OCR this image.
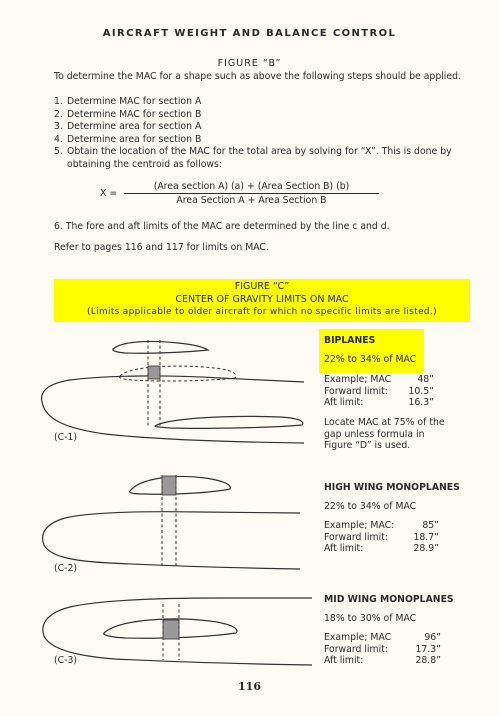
AIRCRAFT WEIGHT AND BALANCE CONTROL
FIGURE “B”
To determine the MAC for a shape such as above the following steps should be applied.
1. Determine MAC for section A
2. Determine MAC for section B
3. Determine area for section A
4. Determine area for section B
5. Obtain the location of the MAC for the total area by solving for “X”. This is done by obtaining the centroid as follows:
X =
(Area section A) (a) + (Area Section B) (b)
Area Section A + Area Section B
6. The fore and aft limits of the MAC are determined by the line c and d.
Refer to pages 116 and 117 for limits on MAC.
FIGURE “C”
CENTER OF GRAVITY LIMITS ON MAC
(Limits applicable to older aircraft for which no specific limits are listed.)
(C-1)
(C-2)
(C-3)
BIPLANES
22% to 34% of MAC
Example; MAC	48”
Forward limit: 10.5”
Aft limit:	16.3”
Locate MAC at 75% of the
gap unless formula in
Figure “D” is used.
HIGH WING MONOPLANES
22% to 34% of MAC
Example; MAC:	85”
Forward limit:	18.7”
Aft limit:	28.9”
MID WING MONOPLANES
18% to 30% of MAC
Example; MAC	96”
Forward limit:	17.3”
Aft limit:	28.8”
116
